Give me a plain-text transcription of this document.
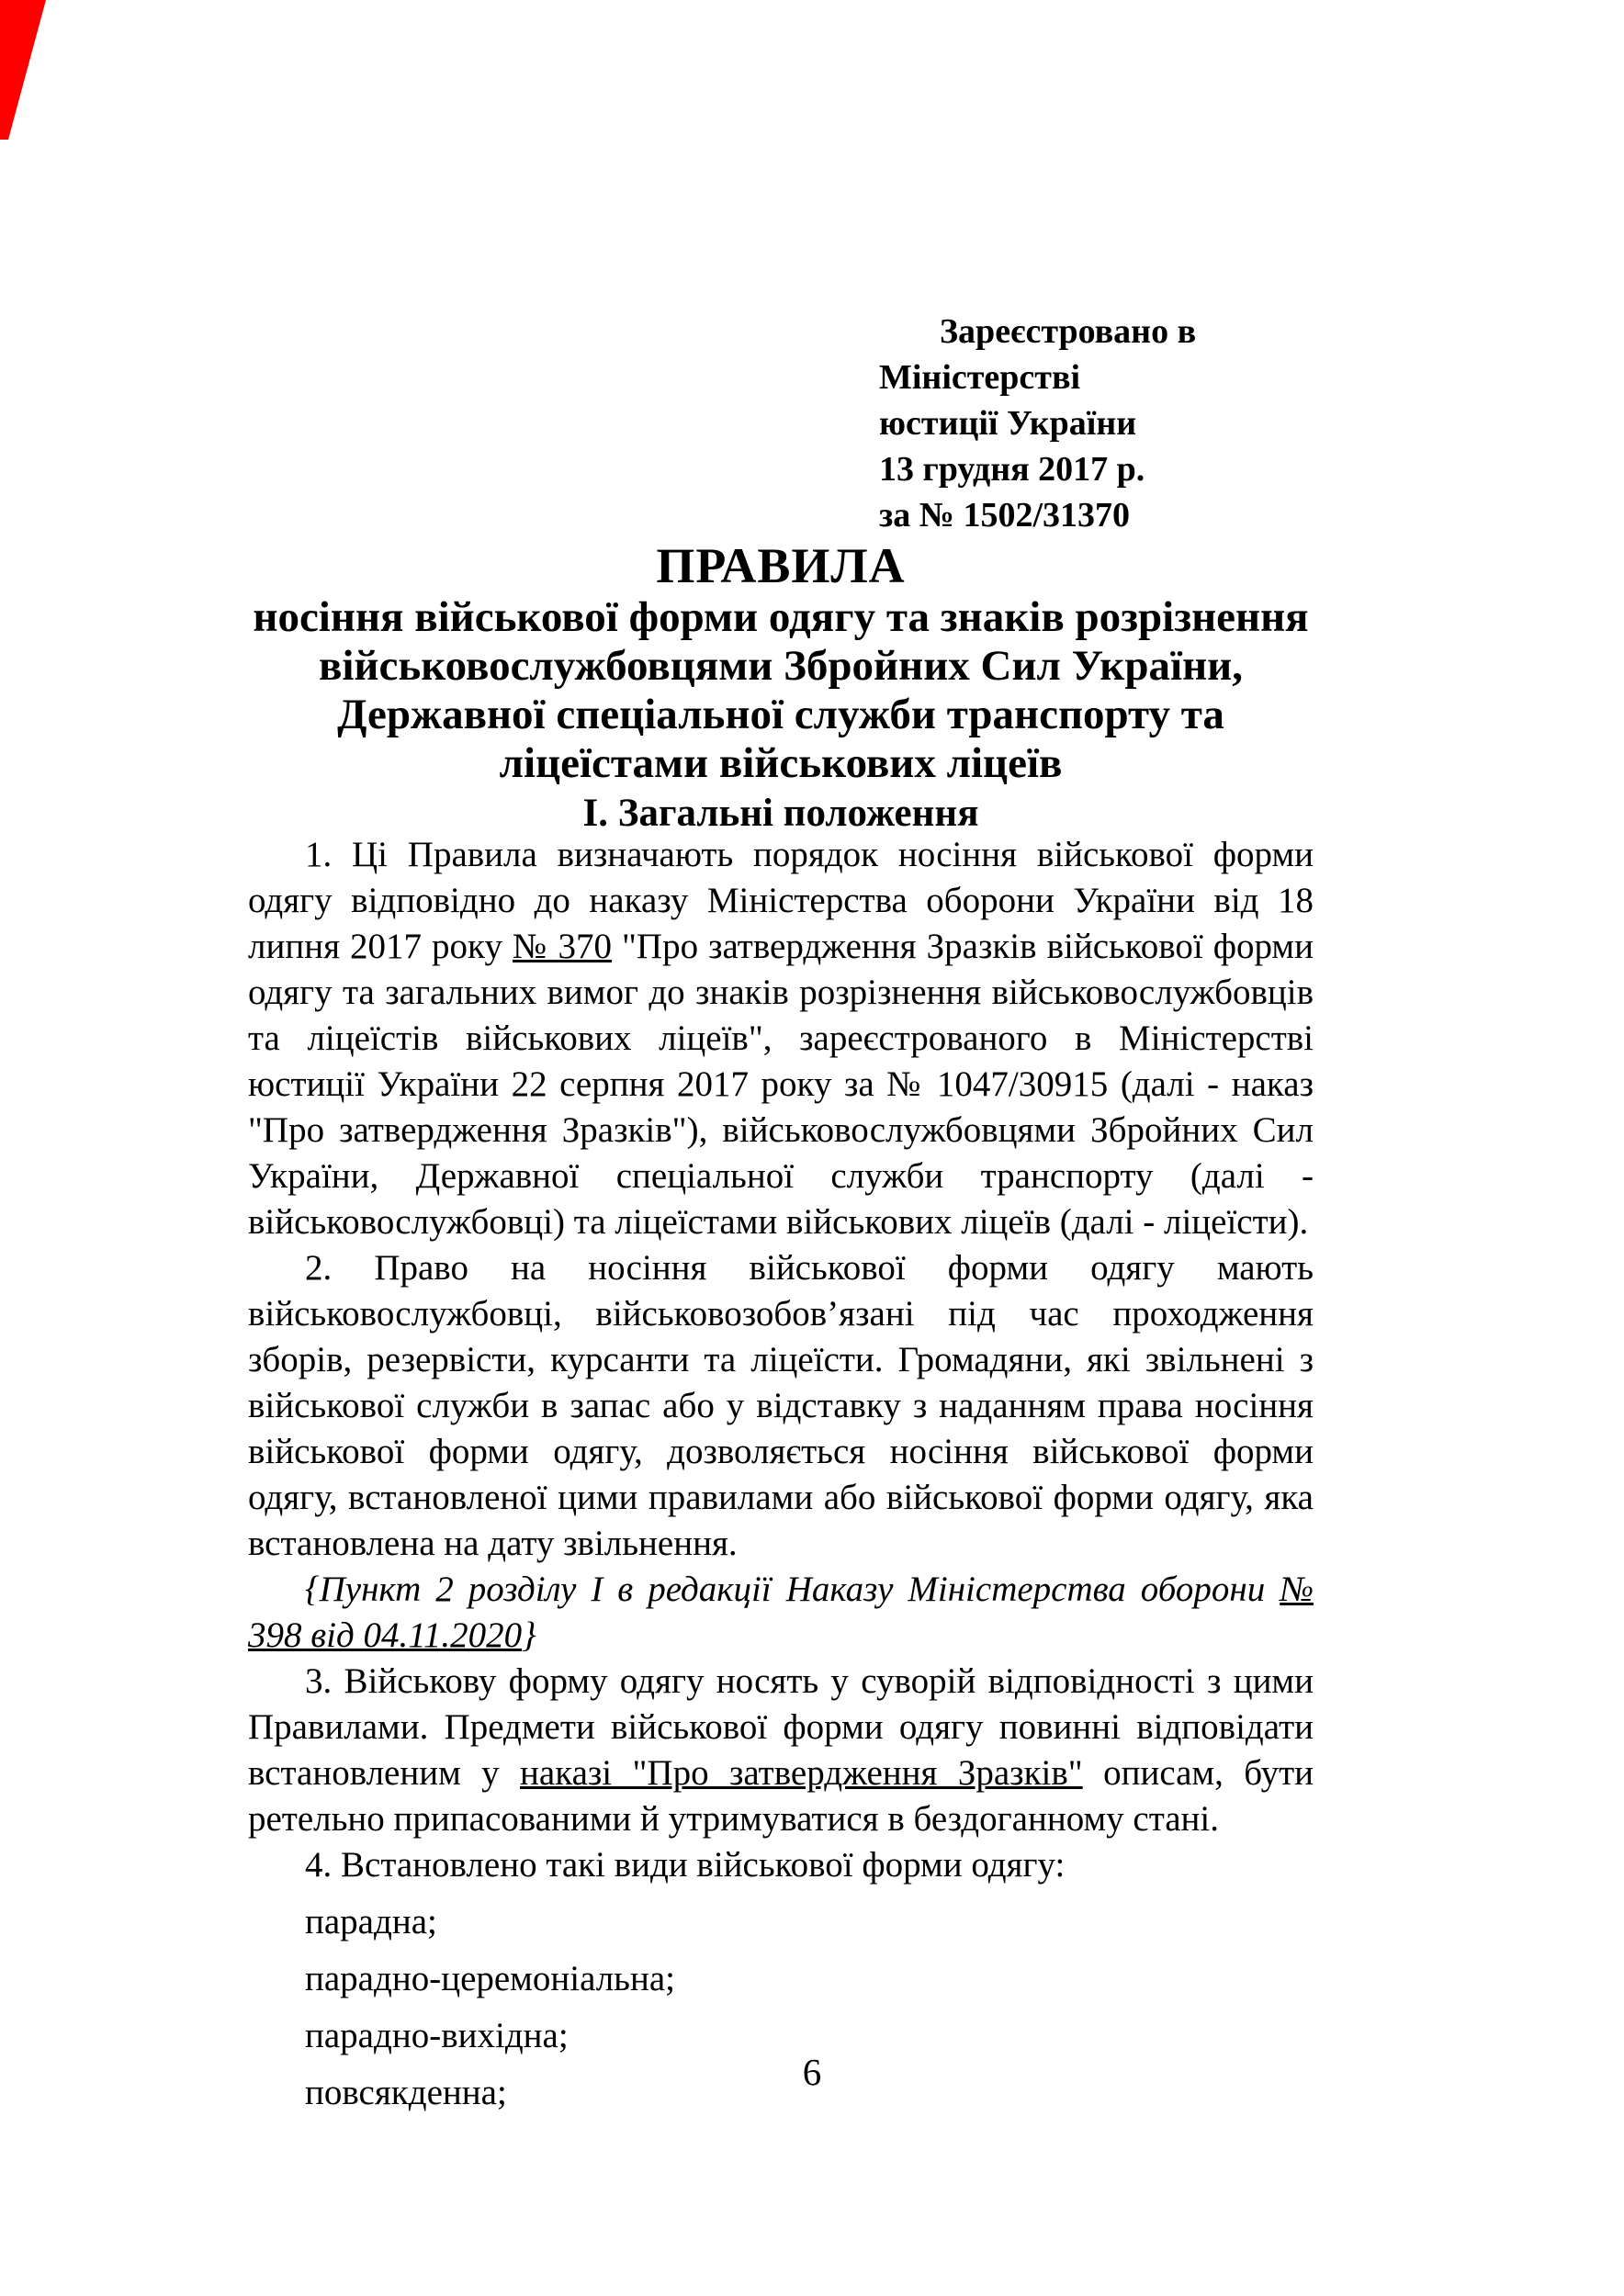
Зареєстровано в
Міністерстві
юстиції України
13 грудня 2017 р.
за № 1502/31370
ПРАВИЛА
носіння військової форми одягу та знаків розрізнення
військовослужбовцями Збройних Сил України,
Державної спеціальної служби транспорту та
ліцеїстами військових ліцеїв
І. Загальні положення

1. Ці Правила визначають порядок носіння військової форми одягу відповідно до наказу Міністерства оборони України від 18 липня 2017 року № 370 "Про затвердження Зразків військової форми одягу та загальних вимог до знаків розрізнення військовослужбовців та ліцеїстів військових ліцеїв", зареєстрованого в Міністерстві юстиції України 22 серпня 2017 року за № 1047/30915 (далі - наказ "Про затвердження Зразків"), військовослужбовцями Збройних Сил України, Державної спеціальної служби транспорту (далі - військовослужбовці) та ліцеїстами військових ліцеїв (далі - ліцеїсти).

2. Право на носіння військової форми одягу мають військовослужбовці, військовозобов’язані під час проходження зборів, резервісти, курсанти та ліцеїсти. Громадяни, які звільнені з військової служби в запас або у відставку з наданням права носіння військової форми одягу, дозволяється носіння військової форми одягу, встановленої цими правилами або військової форми одягу, яка встановлена на дату звільнення.

{Пункт 2 розділу І в редакції Наказу Міністерства оборони № 398 від 04.11.2020}

3. Військову форму одягу носять у суворій відповідності з цими Правилами. Предмети військової форми одягу повинні відповідати встановленим у наказі "Про затвердження Зразків" описам, бути ретельно припасованими й утримуватися в бездоганному стані.

4. Встановлено такі види військової форми одягу:

парадна;

парадно-церемоніальна;

парадно-вихідна;

повсякденна;	6
